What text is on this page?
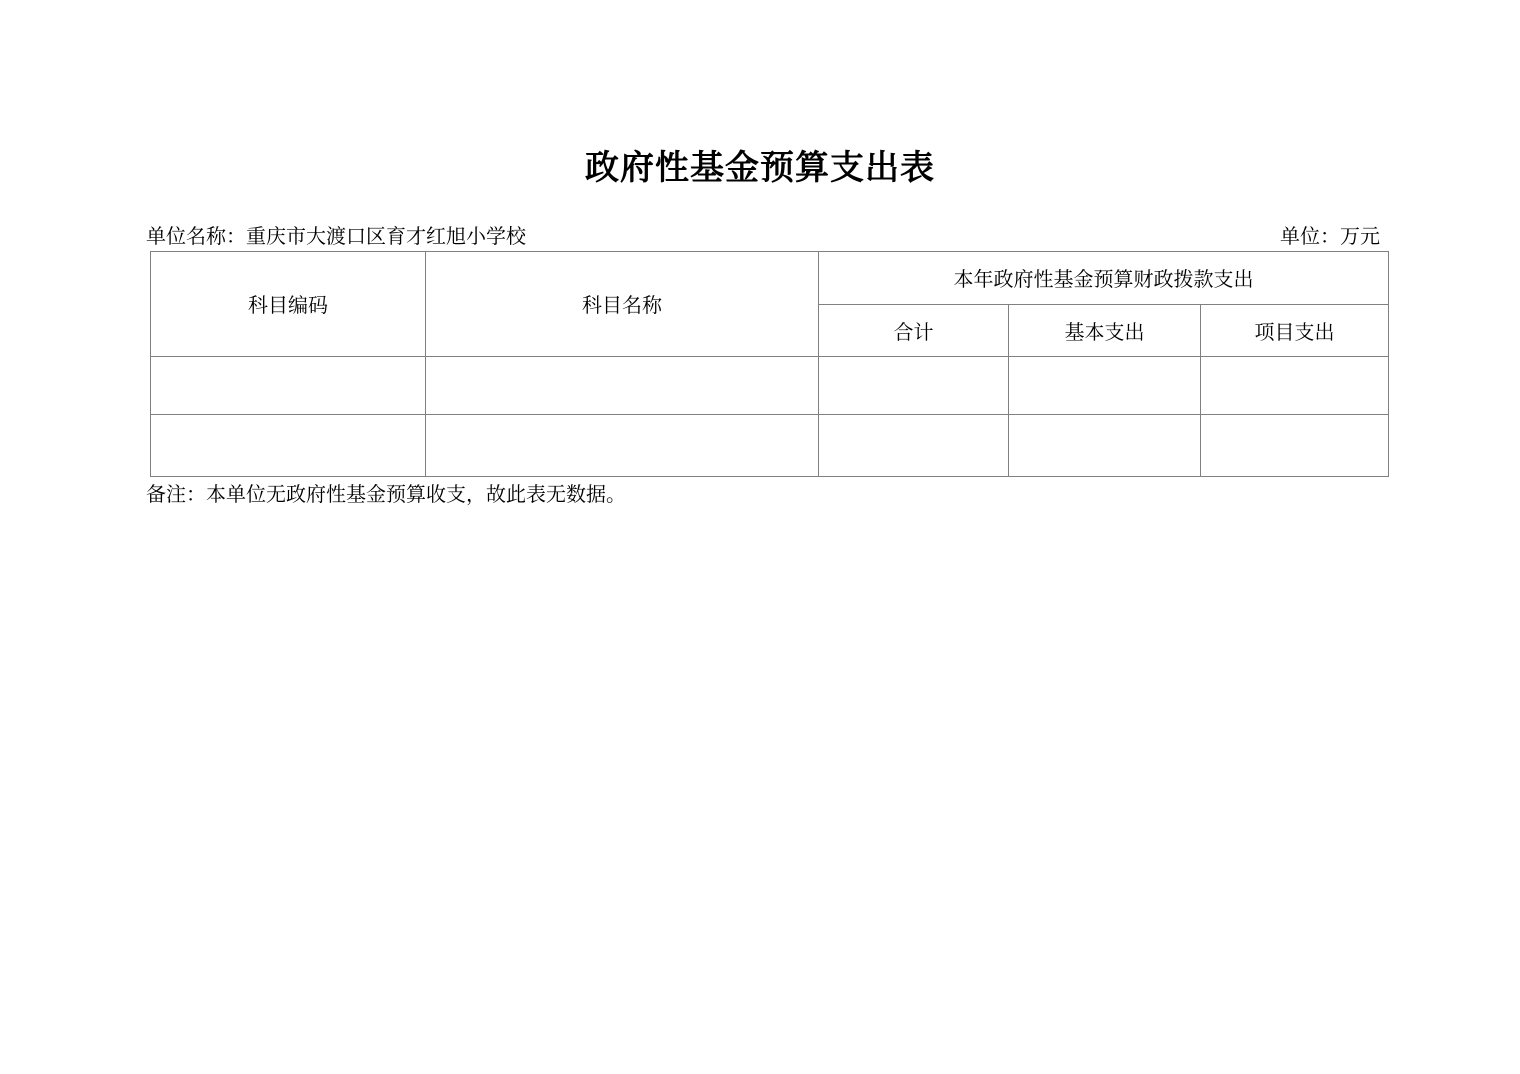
政府性基金预算支出表
单位名称：重庆市大渡口区育才红旭小学校	单位：万元
科目编码	科目名称	本年政府性基金预算财政拨款支出		
		合计	基本支出	项目支出

备注：本单位无政府性基金预算收支，故此表无数据。
